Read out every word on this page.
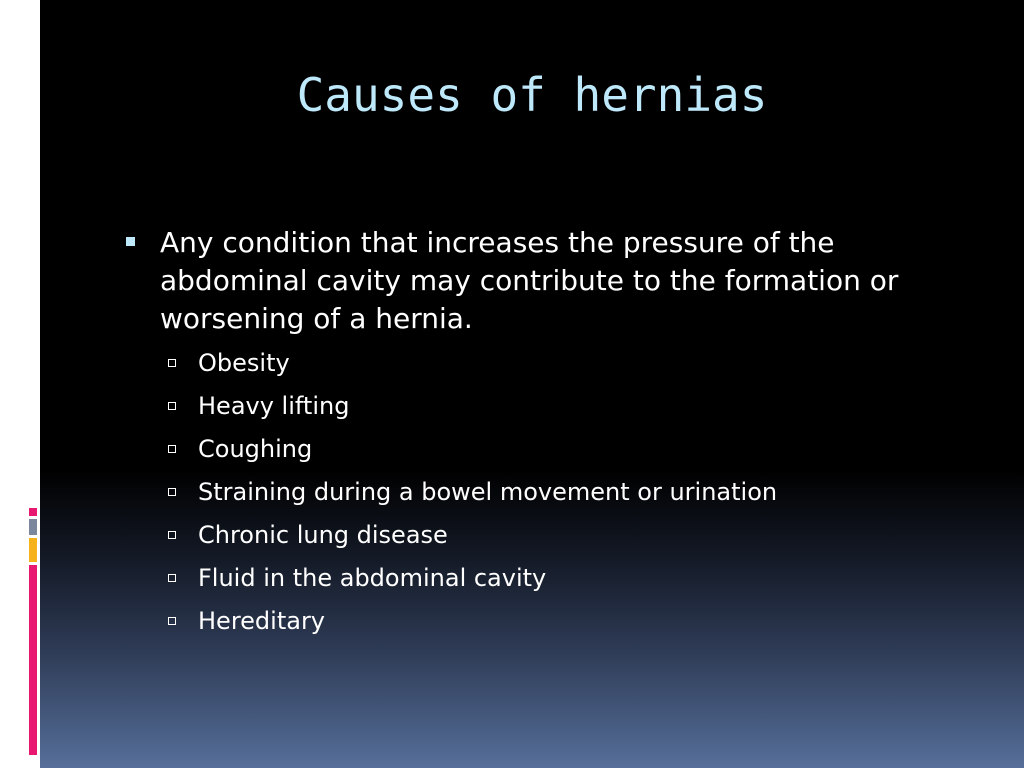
Causes of hernias
Any condition that increases the pressure of the abdominal cavity may contribute to the formation or worsening of a hernia.
Obesity
Heavy lifting
Coughing
Straining during a bowel movement or urination
Chronic lung disease
Fluid in the abdominal cavity
Hereditary
